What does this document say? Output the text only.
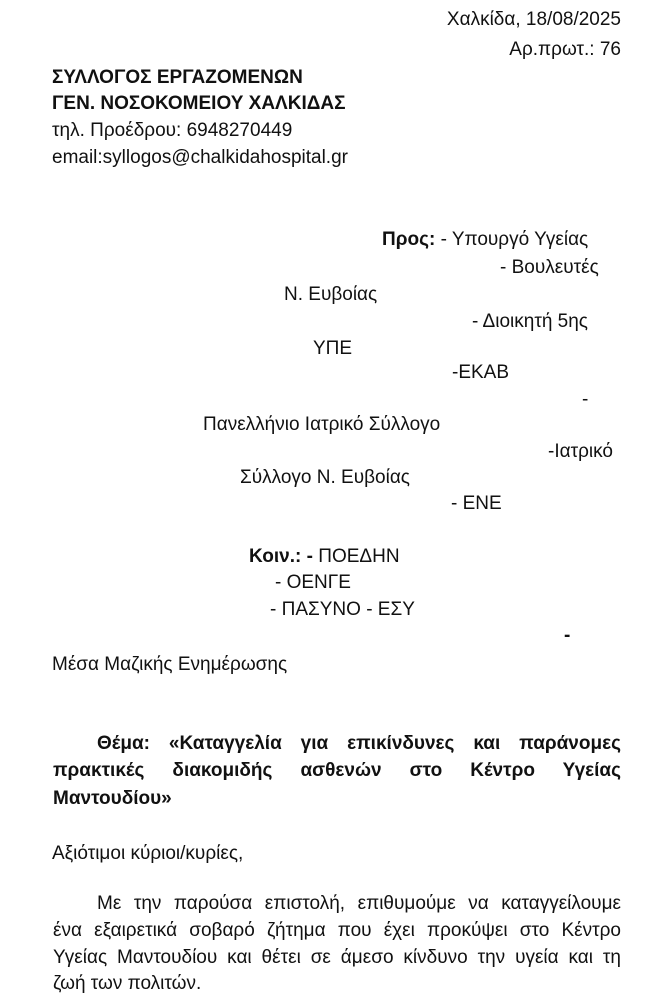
Χαλκίδα, 18/08/2025
Αρ.πρωτ.: 76
ΣΥΛΛΟΓΟΣ ΕΡΓΑΖΟΜΕΝΩΝ
ΓΕΝ. ΝΟΣΟΚΟΜΕΙΟΥ ΧΑΛΚΙΔΑΣ
τηλ. Προέδρου: 6948270449
email:syllogos@chalkidahospital.gr
Προς: - Υπουργό Υγείας
- Βουλευτές
Ν. Ευβοίας
- Διοικητή 5ης
ΥΠΕ
-ΕΚΑΒ
-
Πανελλήνιο Ιατρικό Σύλλογο
-Ιατρικό
Σύλλογο Ν. Ευβοίας
- ΕΝΕ
Κοιν.: - ΠΟΕΔΗΝ
- ΟΕΝΓΕ
- ΠΑΣΥΝΟ - ΕΣΥ
-
Μέσα Μαζικής Ενημέρωσης
Θέμα: «Καταγγελία για επικίνδυνες και παράνομες
πρακτικές διακομιδής ασθενών στο Κέντρο Υγείας
Μαντουδίου»
Αξιότιμοι κύριοι/κυρίες,
Με την παρούσα επιστολή, επιθυμούμε να καταγγείλουμε
ένα εξαιρετικά σοβαρό ζήτημα που έχει προκύψει στο Κέντρο
Υγείας Μαντουδίου και θέτει σε άμεσο κίνδυνο την υγεία και τη
ζωή των πολιτών.
